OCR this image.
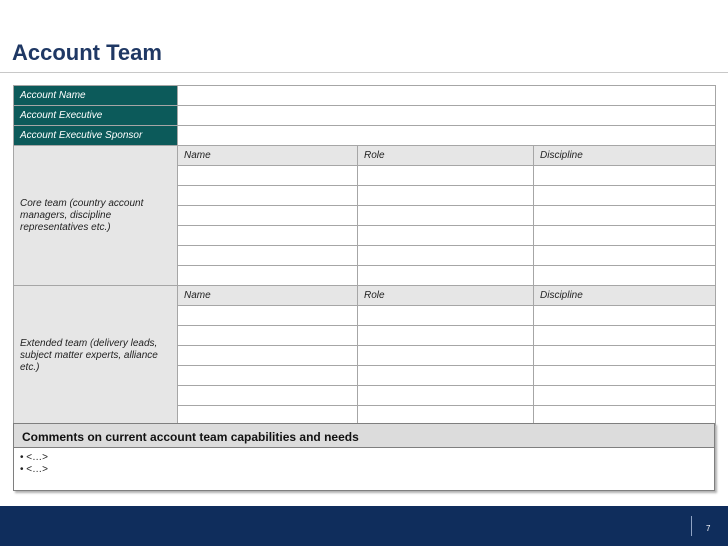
Account Team
Account Name			
Account Executive			
Account Executive Sponsor			
Core team (country account managers, discipline representatives etc.)	Name	Role	Discipline

Extended team (delivery leads, subject matter experts, alliance etc.)	Name	Role	Discipline

Comments on current account team capabilities and needs
• <…>
• <…>
7
